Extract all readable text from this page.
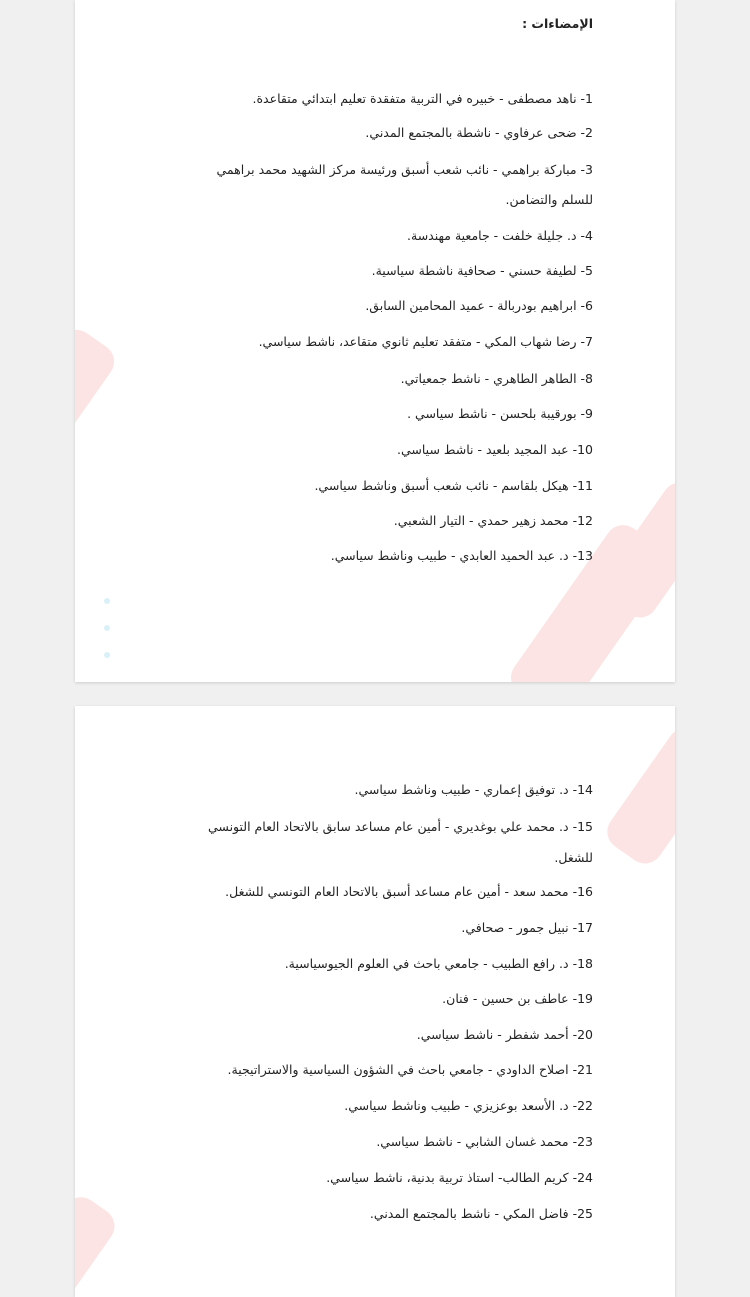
الإمضاءات :
1- ناهد مصطفى - خبيره في التربية متفقدة تعليم ابتدائي متقاعدة.
2- ضحى عرفاوي - ناشطة بالمجتمع المدني.
3- مباركة براهمي - نائب شعب أسبق ورئيسة مركز الشهيد محمد براهمي
للسلم والتضامن.
4- د. جليلة خلفت - جامعية مهندسة.
5- لطيفة حسني - صحافية ناشطة سياسية.
6- ابراهيم بودربالة - عميد المحامين السابق.
7- رضا شهاب المكي - متفقد تعليم ثانوي متقاعد، ناشط سياسي.
8- الطاهر الطاهري - ناشط جمعياتي.
9- بورقيبة بلحسن - ناشط سياسي .
10- عبد المجيد بلعيد - ناشط سياسي.
11- هيكل بلقاسم - نائب شعب أسبق وناشط سياسي.
12- محمد زهير حمدي - التيار الشعبي.
13- د. عبد الحميد العابدي - طبيب وناشط سياسي.
14- د. توفيق إعماري - طبيب وناشط سياسي.
15- د. محمد علي بوغديري - أمين عام مساعد سابق بالاتحاد العام التونسي
للشغل.
16- محمد سعد - أمين عام مساعد أسبق بالاتحاد العام التونسي للشغل.
17- نبيل جمور - صحافي.
18- د. رافع الطبيب - جامعي باحث في العلوم الجيوسياسية.
19- عاطف بن حسين - فنان.
20- أحمد شفطر - ناشط سياسي.
21- اصلاح الداودي - جامعي باحث في الشؤون السياسية والاستراتيجية.
22- د. الأسعد بوعزيزي - طبيب وناشط سياسي.
23- محمد غسان الشابي - ناشط سياسي.
24- كريم الطالب- استاذ تربية بدنية، ناشط سياسي.
25- فاضل المكي - ناشط بالمجتمع المدني.
